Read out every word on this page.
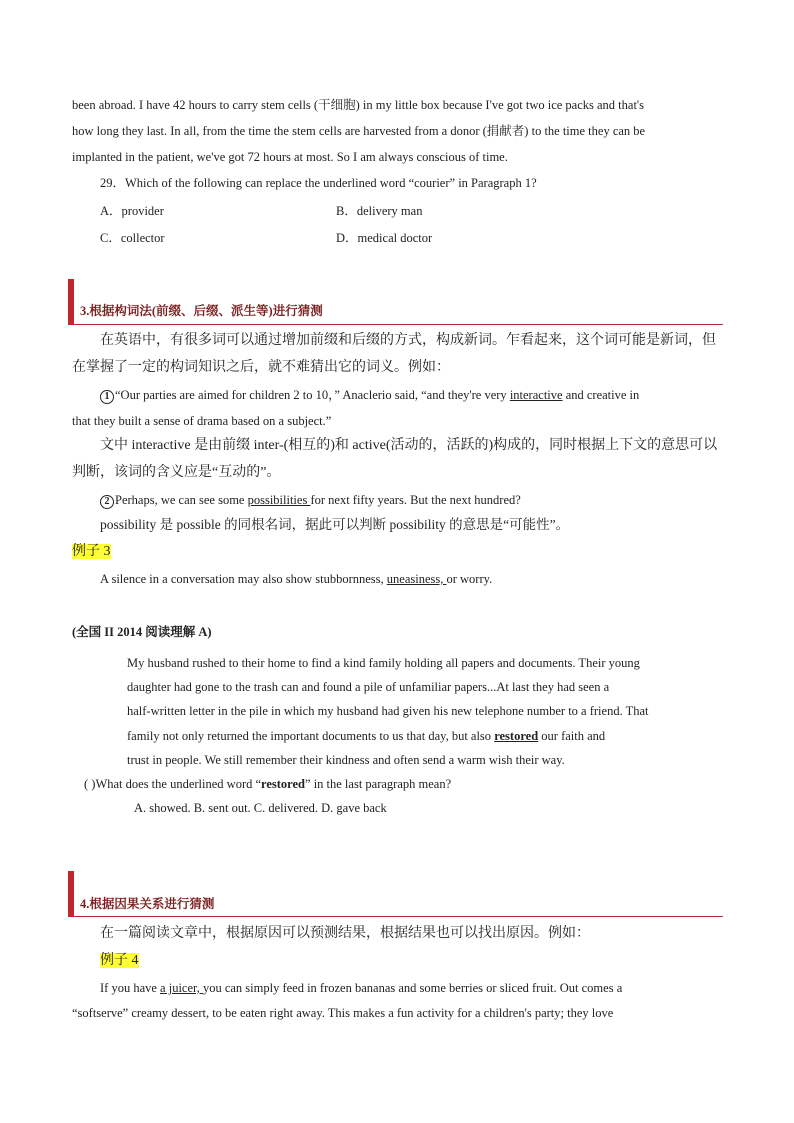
been abroad. I have 42 hours to carry stem cells (干细胞) in my little box because I've got two ice packs and that's
how long they last. In all, from the time the stem cells are harvested from a donor (捐献者) to the time they can be
implanted in the patient, we've got 72 hours at most. So I am always conscious of time.
29．Which of the following can replace the underlined word “courier” in Paragraph 1?
A．provider	B．delivery man
C．collector	D．medical doctor
3.根据构词法(前缀、后缀、派生等)进行猜测
在英语中，有很多词可以通过增加前缀和后缀的方式，构成新词。乍看起来，这个词可能是新词，但
在掌握了一定的构词知识之后，就不难猜出它的词义。例如：
1 “Our parties are aimed for children 2 to 10，” Anaclerio said, “and they're very interactive and creative in
that they built a sense of drama based on a subject.”
文中 interactive 是由前缀 inter-(相互的)和 active(活动的，活跃的)构成的，同时根据上下文的意思可以
判断，该词的含义应是“互动的”。
2 Perhaps, we can see some possibilities for next fifty years. But the next hundred?
possibility 是 possible 的同根名词，据此可以判断 possibility 的意思是“可能性”。
例子 3
A silence in a conversation may also show stubbornness, uneasiness, or worry.
(全国 II 2014 阅读理解 A)
My husband rushed to their home to find a kind family holding all papers and documents. Their young
daughter had gone to the trash can and found a pile of unfamiliar papers...At last they had seen a
half-written letter in the pile in which my husband had given his new telephone number to a friend. That
family not only returned the important documents to us that day, but also restored our faith and
trust in people. We still remember their kindness and often send a warm wish their way.
( )What does the underlined word “restored” in the last paragraph mean?
A. showed. B. sent out. C. delivered. D. gave back
4.根据因果关系进行猜测
在一篇阅读文章中，根据原因可以预测结果，根据结果也可以找出原因。例如：
例子 4
If you have a juicer, you can simply feed in frozen bananas and some berries or sliced fruit. Out comes a
“softserve” creamy dessert, to be eaten right away. This makes a fun activity for a children's party; they love
